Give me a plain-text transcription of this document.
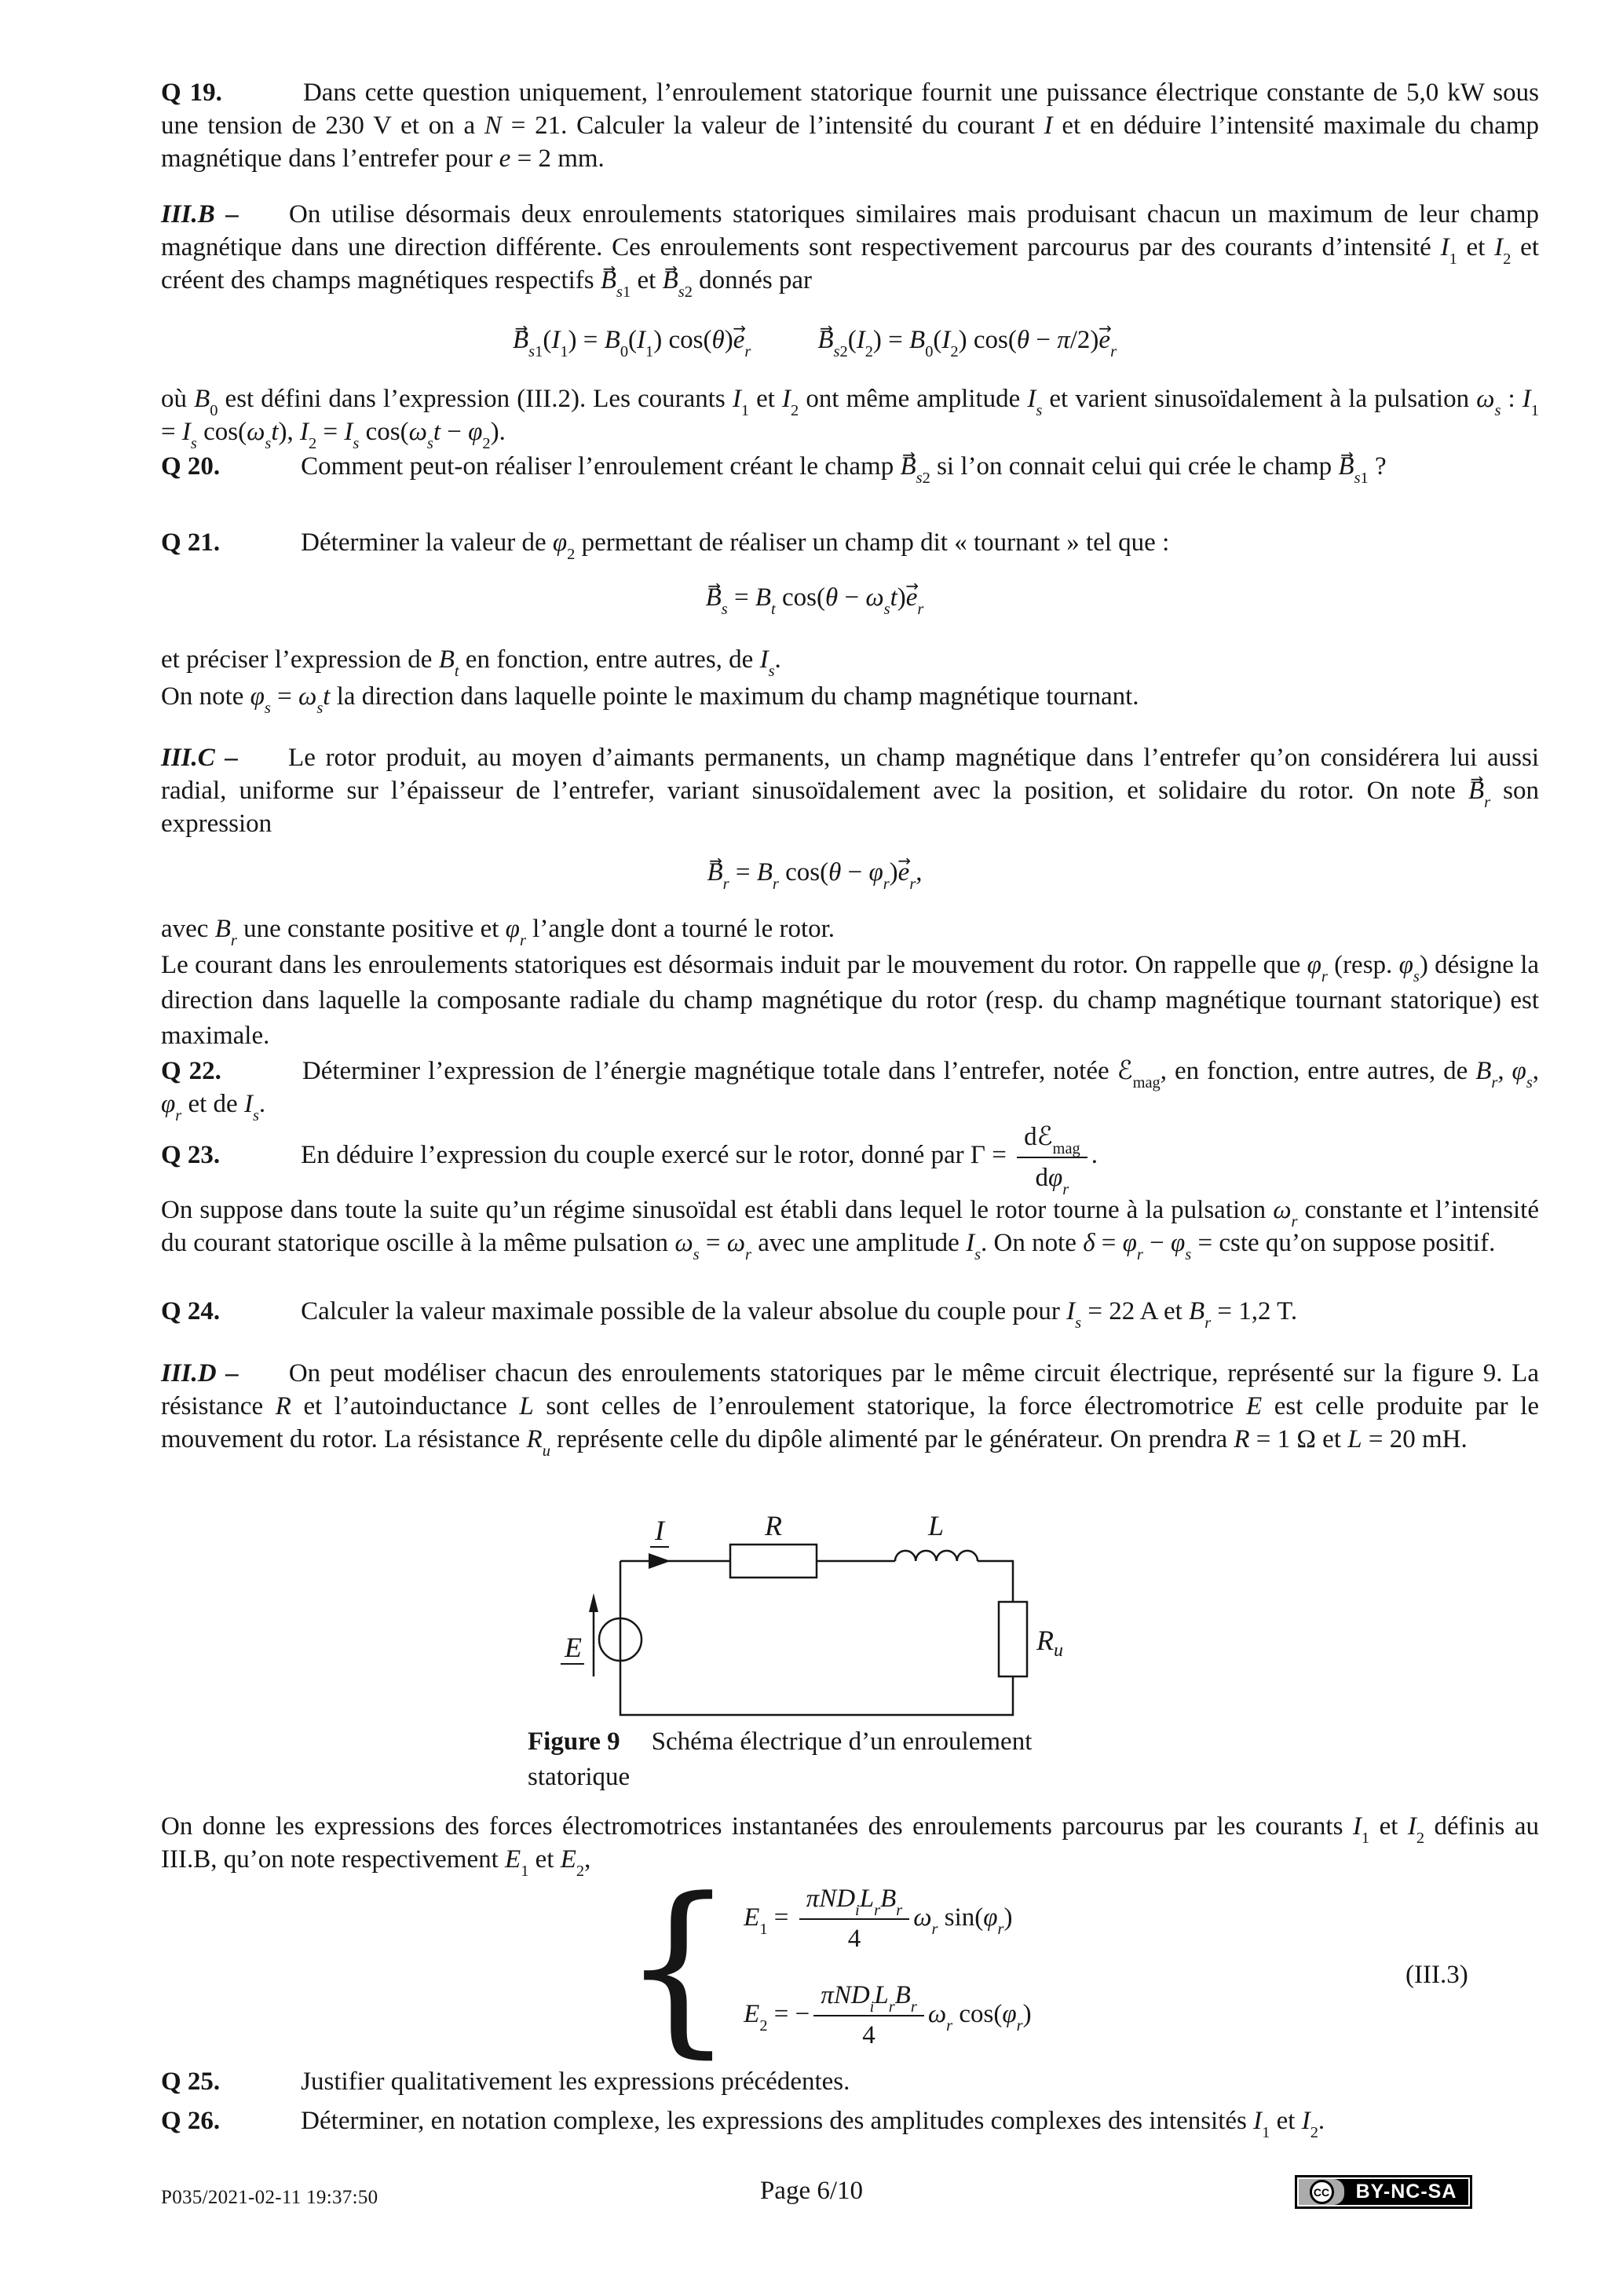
Q 19.	Dans cette question uniquement, l’enroulement statorique fournit une puissance électrique constante de 5,0 kW sous une tension de 230 V et on a N = 21. Calculer la valeur de l’intensité du courant I et en déduire l’intensité maximale du champ magnétique dans l’entrefer pour e = 2 mm.

III.B – On utilise désormais deux enroulements statoriques similaires mais produisant chacun un maximum de leur champ magnétique dans une direction différente. Ces enroulements sont respectivement parcourus par des courants d’intensité $I_1$ et $I_2$ et créent des champs magnétiques respectifs $B \to_{s1}$ et $B \to_{s2}$ donnés par

$B \to_{s1}(I_1) = B_0(I_1)$ $\cos(\theta)e \to_r$	$B \to_{s2}(I_2) = B_0(I_2) \cos(\theta - \pi/2)e \to_r$

où $B_0$ est défini dans l’expression (III.2). Les courants $I_1$ et $I_2$ ont même amplitude $I_s$ et varient sinusoïdalement à la pulsation $\omega_s$ : $I_1 = I_s$ $\cos(\omega_st)$, $I_2 = I_s$ $\cos(\omega_st - \varphi_2)$.

Q 20.	Comment peut-on réaliser l’enroulement créant le champ $B \to_{s2}$ si l’on connait celui qui crée le champ $B \to_{s1}$ ?

Q 21.	Déterminer la valeur de $\varphi_2$ permettant de réaliser un champ dit « tournant » tel que :

$B \to_s = B_t$ $\cos(\theta - \omega_st)e \to_r$

et préciser l’expression de $B_t$ en fonction, entre autres, de $I_s$.

On note $\varphi_s = \omega_st$ la direction dans laquelle pointe le maximum du champ magnétique tournant.

III.C – Le rotor produit, au moyen d’aimants permanents, un champ magnétique dans l’entrefer qu’on considérera lui aussi radial, uniforme sur l’épaisseur de l’entrefer, variant sinusoïdalement avec la position, et solidaire du rotor. On note $B \to_r$ son expression

$B \to_r = B_r$ $\cos(\theta - \varphi_r)e \to_r$,

avec $B_r$ une constante positive et $\varphi_r$ l’angle dont a tourné le rotor.

Le courant dans les enroulements statoriques est désormais induit par le mouvement du rotor. On rappelle que $\varphi_r$ (resp. $\varphi_s$) désigne la direction dans laquelle la composante radiale du champ magnétique du rotor (resp. du champ magnétique tournant statorique) est maximale.

Q 22.	Déterminer l’expression de l’énergie magnétique totale dans l’entrefer, notée ℰ$_{mag}$, en fonction, entre autres, de $B_r$, $\varphi_s$, $\varphi_r$ et de $I_s$.

Q 23.	En déduire l’expression du couple exercé sur le rotor, donné par $\Gamma = \frac{dℰ_{mag}}{d\varphi_r}$ .

On suppose dans toute la suite qu’un régime sinusoïdal est établi dans lequel le rotor tourne à la pulsation $\omega_r$ constante et l’intensité du courant statorique oscille à la même pulsation $\omega_s = \omega_r$ avec une amplitude $I_s$. On note $\delta = \varphi_r - \varphi_s$ = cste qu’on suppose positif.

Q 24.	Calculer la valeur maximale possible de la valeur absolue du couple pour $I_s = 22$ A et $B_r = 1,2$ T.

III.D – On peut modéliser chacun des enroulements statoriques par le même circuit électrique, représenté sur la figure 9. La résistance R et l’autoinductance L sont celles de l’enroulement statorique, la force électromotrice E est celle produite par le mouvement du rotor. La résistance $R_u$ représente celle du dipôle alimenté par le générateur. On prendra R = 1 Ω et L = 20 mH.

I	R	L
E	$R_u$

Figure 9 Schéma électrique d’un enroulement statorique

On donne les expressions des forces électromotrices instantanées des enroulements parcourus par les courants $I_1$ et $I_2$ définis au III.B, qu’on note respectivement $E_1$ et $E_2$, { $E_1 = \frac{\pi ND_iL_rB_r}{4} \omega_r$ $\sin(\varphi_r)$
$E_2$ = − $\frac{\pi ND_iL_rB_r}{4} \omega_r$ $\cos(\varphi_r)$
(III.3)

Q 25.	Justifier qualitativement les expressions précédentes.

Q 26.	Déterminer, en notation complexe, les expressions des amplitudes complexes des intensités $I_1$ et $I_2$.

P035/2021-02-11 19:37:50	Page 6/10	CC	BY-NC-SA
